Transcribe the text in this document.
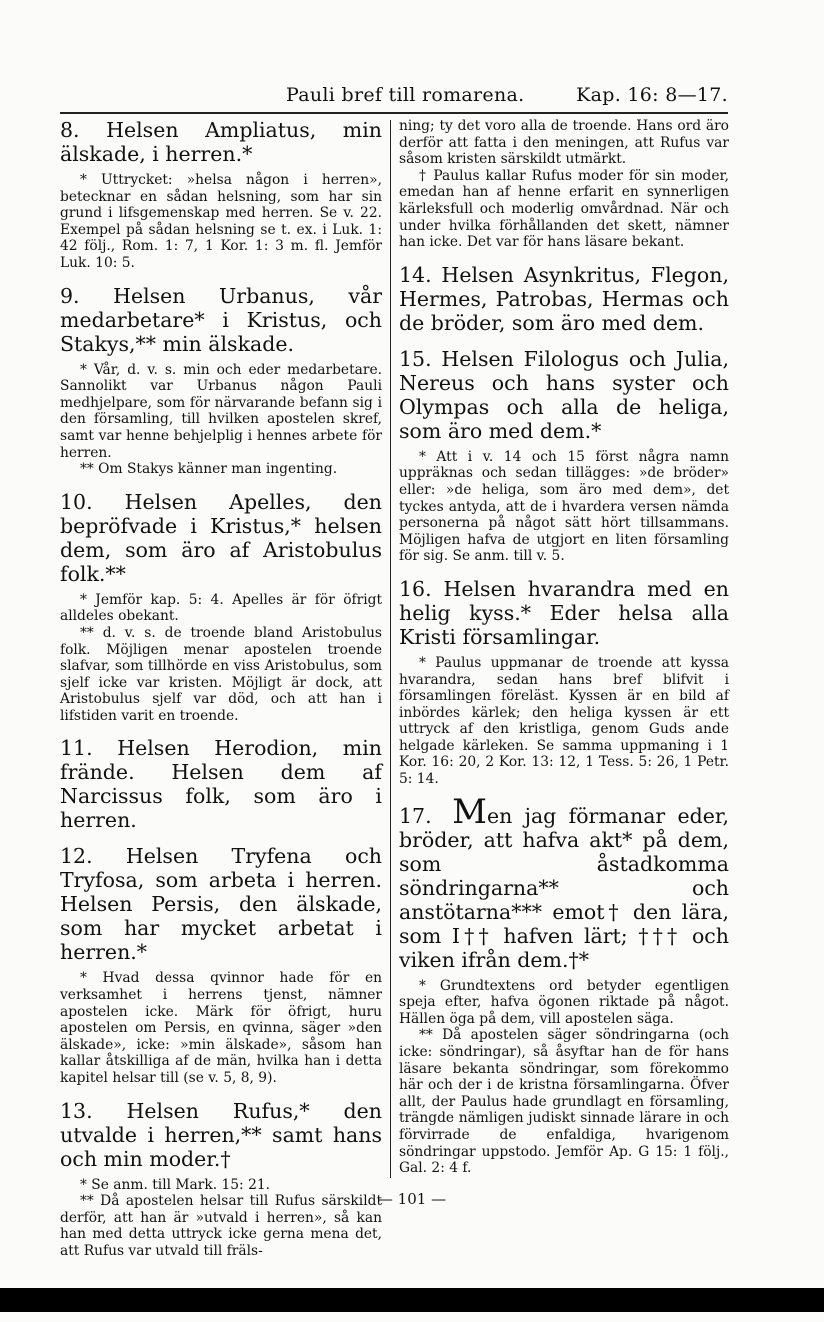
Pauli bref till romarena.	Kap. 16: 8—17.

8. Helsen Ampliatus, min älskade, i herren.*

* Uttrycket: »helsa någon i herren», betecknar en sådan helsning, som har sin grund i lifsgemenskap med herren. Se v. 22. Exempel på sådan helsning se t. ex. i Luk. 1: 42 följ., Rom. 1: 7, 1 Kor. 1: 3 m. fl. Jemför Luk. 10: 5.

9. Helsen Urbanus, vår medarbetare* i Kristus, och Stakys,** min älskade.

* Vår, d. v. s. min och eder medarbetare. Sannolikt var Urbanus någon Pauli medhjelpare, som för närvarande befann sig i den församling, till hvilken apostelen skref, samt var henne behjelplig i hennes arbete för herren.

** Om Stakys känner man ingenting.

10. Helsen Apelles, den bepröfvade i Kristus,* helsen dem, som äro af Aristobulus folk.**

* Jemför kap. 5: 4. Apelles är för öfrigt alldeles obekant.

** d. v. s. de troende bland Aristobulus folk. Möjligen menar apostelen troende slafvar, som tillhörde en viss Aristobulus, som sjelf icke var kristen. Möjligt är dock, att Aristobulus sjelf var död, och att han i lifstiden varit en troende.

11. Helsen Herodion, min frände. Helsen dem af Narcissus folk, som äro i herren.

12. Helsen Tryfena och Tryfosa, som arbeta i herren. Helsen Persis, den älskade, som har mycket arbetat i herren.*

* Hvad dessa qvinnor hade för en verksamhet i herrens tjenst, nämner apostelen icke. Märk för öfrigt, huru apostelen om Persis, en qvinna, säger »den älskade», icke: »min älskade», såsom han kallar åtskilliga af de män, hvilka han i detta kapitel helsar till (se v. 5, 8, 9).

13. Helsen Rufus,* den utvalde i herren,** samt hans och min moder.†

* Se anm. till Mark. 15: 21.

** Då apostelen helsar till Rufus särskildt derför, att han är »utvald i herren», så kan han med detta uttryck icke gerna mena det, att Rufus var utvald till fräls-

ning; ty det voro alla de troende. Hans ord äro derför att fatta i den meningen, att Rufus var såsom kristen särskildt utmärkt.

† Paulus kallar Rufus moder för sin moder, emedan han af henne erfarit en synnerligen kärleksfull och moderlig omvårdnad. När och under hvilka förhållanden det skett, nämner han icke. Det var för hans läsare bekant.

14. Helsen Asynkritus, Flegon, Hermes, Patrobas, Hermas och de bröder, som äro med dem.

15. Helsen Filologus och Julia, Nereus och hans syster och Olympas och alla de heliga, som äro med dem.*

* Att i v. 14 och 15 först några namn uppräknas och sedan tillägges: »de bröder» eller: »de heliga, som äro med dem», det tyckes antyda, att de i hvardera versen nämda personerna på något sätt hört tillsammans. Möjligen hafva de utgjort en liten församling för sig. Se anm. till v. 5.

16. Helsen hvarandra med en helig kyss.* Eder helsa alla Kristi församlingar.

* Paulus uppmanar de troende att kyssa hvarandra, sedan hans bref blifvit i församlingen föreläst. Kyssen är en bild af inbördes kärlek; den heliga kyssen är ett uttryck af den kristliga, genom Guds ande helgade kärleken. Se samma uppmaning i 1 Kor. 16: 20, 2 Kor. 13: 12, 1 Tess. 5: 26, 1 Petr. 5: 14.

17.  Men jag förmanar eder, bröder, att hafva akt* på dem, som åstadkomma söndringarna** och anstötarna*** emot† den lära, som I†† hafven lärt; ††† och viken ifrån dem.†*

* Grundtextens ord betyder egentligen speja efter, hafva ögonen riktade på något. Hällen öga på dem, vill apostelen säga.

** Då apostelen säger söndringarna (och icke: söndringar), så åsyftar han de för hans läsare bekanta söndringar, som förekommo här och der i de kristna församlingarna. Öfver allt, der Paulus hade grundlagt en församling, trängde nämligen judiskt sinnade lärare in och förvirrade de enfaldiga, hvarigenom söndringar uppstodo. Jemför Ap. G 15: 1 följ., Gal. 2: 4 f.

— 101 —
